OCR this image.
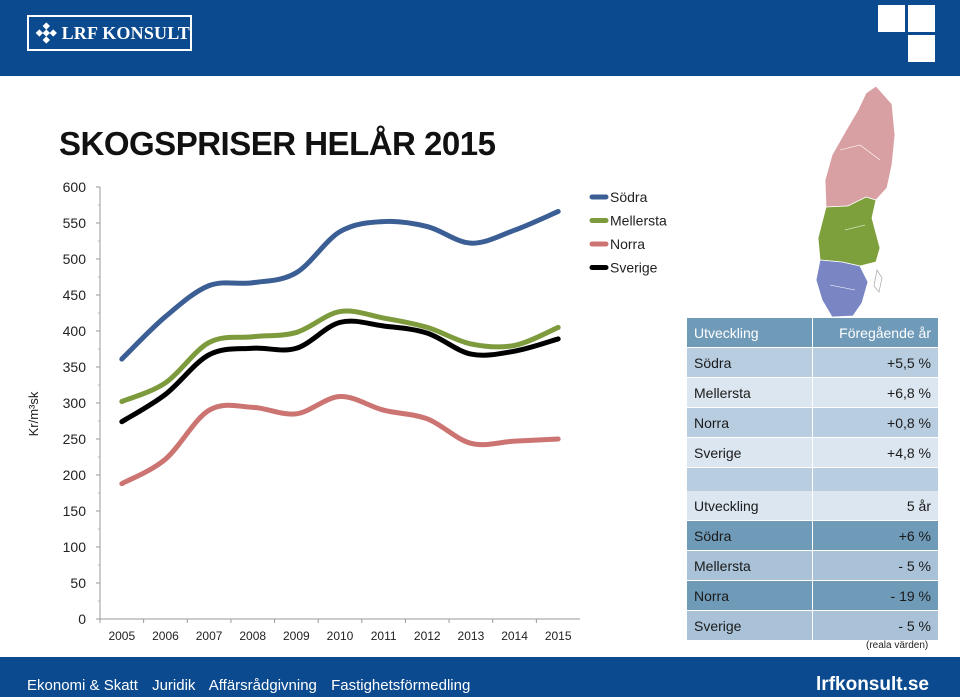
LRF KONSULT
SKOGSPRISER HELÅR 2015
0
50
100
150
200
250
300
350
400
450
500
550
600
2005 2006 2007 2008 2009 2010 2011 2012 2013 2014 2015
Kr/m³sk
Södra
Mellersta
Norra
Sverige
Utveckling	Föregående år
Södra	+5,5 %
Mellersta	+6,8 %
Norra	+0,8 %
Sverige	+4,8 %

Utveckling	5 år
Södra	+6 %
Mellersta	- 5 %
Norra	- 19 %
Sverige	- 5 %
(reala värden)
Ekonomi & Skatt Juridik Affärsrådgivning Fastighetsförmedling	lrfkonsult.se
